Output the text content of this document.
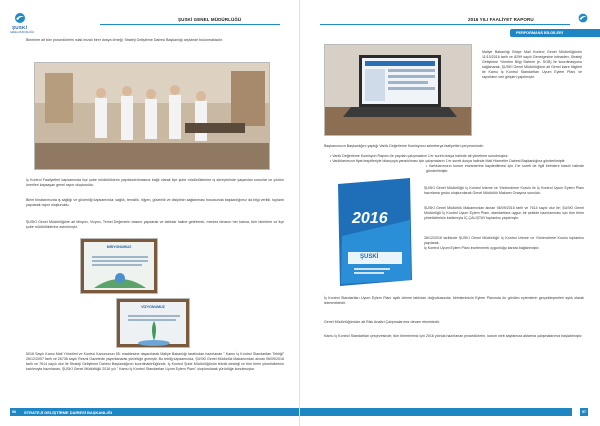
ŞUSKİ
GENEL MÜDÜRLÜĞÜ
ŞUSKİ GENEL MÜDÜRLÜĞÜ
Birimlere ait tüm prosedürlerin ıslak imzalı birer dosya örneği; Strateji Geliştirme Dairesi Başkanlığı arşivinde bulunmaktadır.
İç Kontrol Faaliyetleri kapsamında ilçe şube müdürlüklerin yapılandırılmasına bağlı olarak ilçe şube müdürlüklerine iş süreçlerinde yaşanılan sorunlar ve çözüm önerileri kapsayan genel rapor oluşturuldu.
Birim binalarımızda iş sağlığı ve güvenliği kapsamında; sağlık, temizlik, hijyen, güvenlik ve disiplinin sağlanması hususunda başkanlığımız da bilgi verildi, toplantı yapılarak rapor oluşturuldu.
ŞUSKİ Genel Müdürlüğüne ait Misyon, Vizyon, Temel Değerlerin basımı yapılarak ve tablolar haline getirilerek, merkez binanın her katına, tüm birimlere ve ilçe şube müdürlüklerine astırılmıştır.
MİSYONUMUZ
VİZYONUMUZ
5018 Sayılı Kamu Mali Yönetimi ve Kontrol Kanununun 55. maddesine dayanılarak Maliye Bakanlığı tarafından hazırlanan " Kamu İç Kontrol Standartları Tebliği" 26/12/2007 tarih ve 26738 sayılı Resmi Gazetede yayımlanarak yürürlüğe girmiştir. Bu tebliğ kapsamında, ŞUSKİ Genel Müdürlük Makamından alınan 06/09/2016 tarih ve 7614 sayılı olur ile Strateji Geliştirme Dairesi Başkanlığının koordinatörlüğünde, İç Kontrol Şube Müdürlüğünün teknik desteği ve tüm birim yöneticilerinin katılımıyla hazırlanan, ŞUSKİ Genel Müdürlüğü 2016 yılı " Kamu İç Kontrol Standartları Uyum Eylem Planı" oluşturularak yürürlüğe konulmuştur.
STRATEJİ GELİŞTİRME DAİRESİ BAŞKANLIĞI
96
2016 YILI FAALİYET RAPORU
PERFORMANS BİLGİLERİ
Maliye Bakanlığı Bütçe Mali Kontrol Genel Müdürlüğünün 11/10/2016 tarih ve 8299 sayılı Genelgesine istinaden; Strateji Geliştirme Yönetim Bilgi Sistemi (e- SGB) ile koordinasyonu sağlanarak, ŞUSKİ Genel Müdürlüğüne ait Genel idare bilgileri ile Kamu İç Kontrol Standartları Uyum Eylem Planı ve raporların veri girişleri yapılmıştır.
Başkanımızın Başkanlığını yaptığı Varlık Değerleme Komisyonu sekreterya faaliyetleri çerçevesinde;
• Varlık Değerleme Komisyon Raporu ile yapılan çalışmaların 1'er sureti dosya halinde ait yönetime sunulmuştur.
• Varlıklarımızın fiyat tespitleriyle bilançoya yansıtılması için çalışmaların 1'er sureti dosya halinde Mali Hizmetler Dairesi Başkanlığına gönderilmiştir.
• Varlıklarımızın kurum envanterine kaydedilmesi için 1'er sureti de ilgili birimlere klasör halinde gönderilmiştir.
2016
ŞUSKİ
ŞUSKİ Genel Müdürlüğü İç Kontrol İzleme ve Yönlendirme Kurulu ile İç Kontrol Uyum Eylem Planı hazırlama grubu oluşturularak Genel Müdürlük Makamı Onayına sunuldu.
ŞUSKİ Genel Müdürlük Makamından alınan 06/09/2016 tarih ve 7614 sayılı olur ile; ŞUSKİ Genel Müdürlüğü İç Kontrol Uyum Eylem Planı, standartlara uygun bir şekilde hazırlanması için tüm birim yöneticilerinin katılımıyla İÇ ÇALIŞTAY toplantısı yapılmıştır.
28/12/2016 tarihinde ŞUSKİ Genel Müdürlüğü İç Kontrol İzleme ve Yönlendirme Kurulu toplantısı yapılarak,
İç Kontrol Uyum Eylem Planı incelenerek uygunluğu karara bağlanmıştır.
İç Kontrol Standartları Uyum Eylem Planı aylık izleme tabloları doğrultusunda; birimlerimizin Eylem Planında ön görülen eylemlerin gerçekleşmeleri aylık olarak izlenmektedir.
Genel Müdürlüğümüze ait Risk Analizi Çalışmalarımız devam etmektedir.
Kamu İç Kontrol Standartları çerçevesinde, tüm birimlerimiz için 2016 yılında hazırlanan prosedürlerin, kurum web sayfamıza aktarma çalışmalarımız başlatılmıştır.
97
